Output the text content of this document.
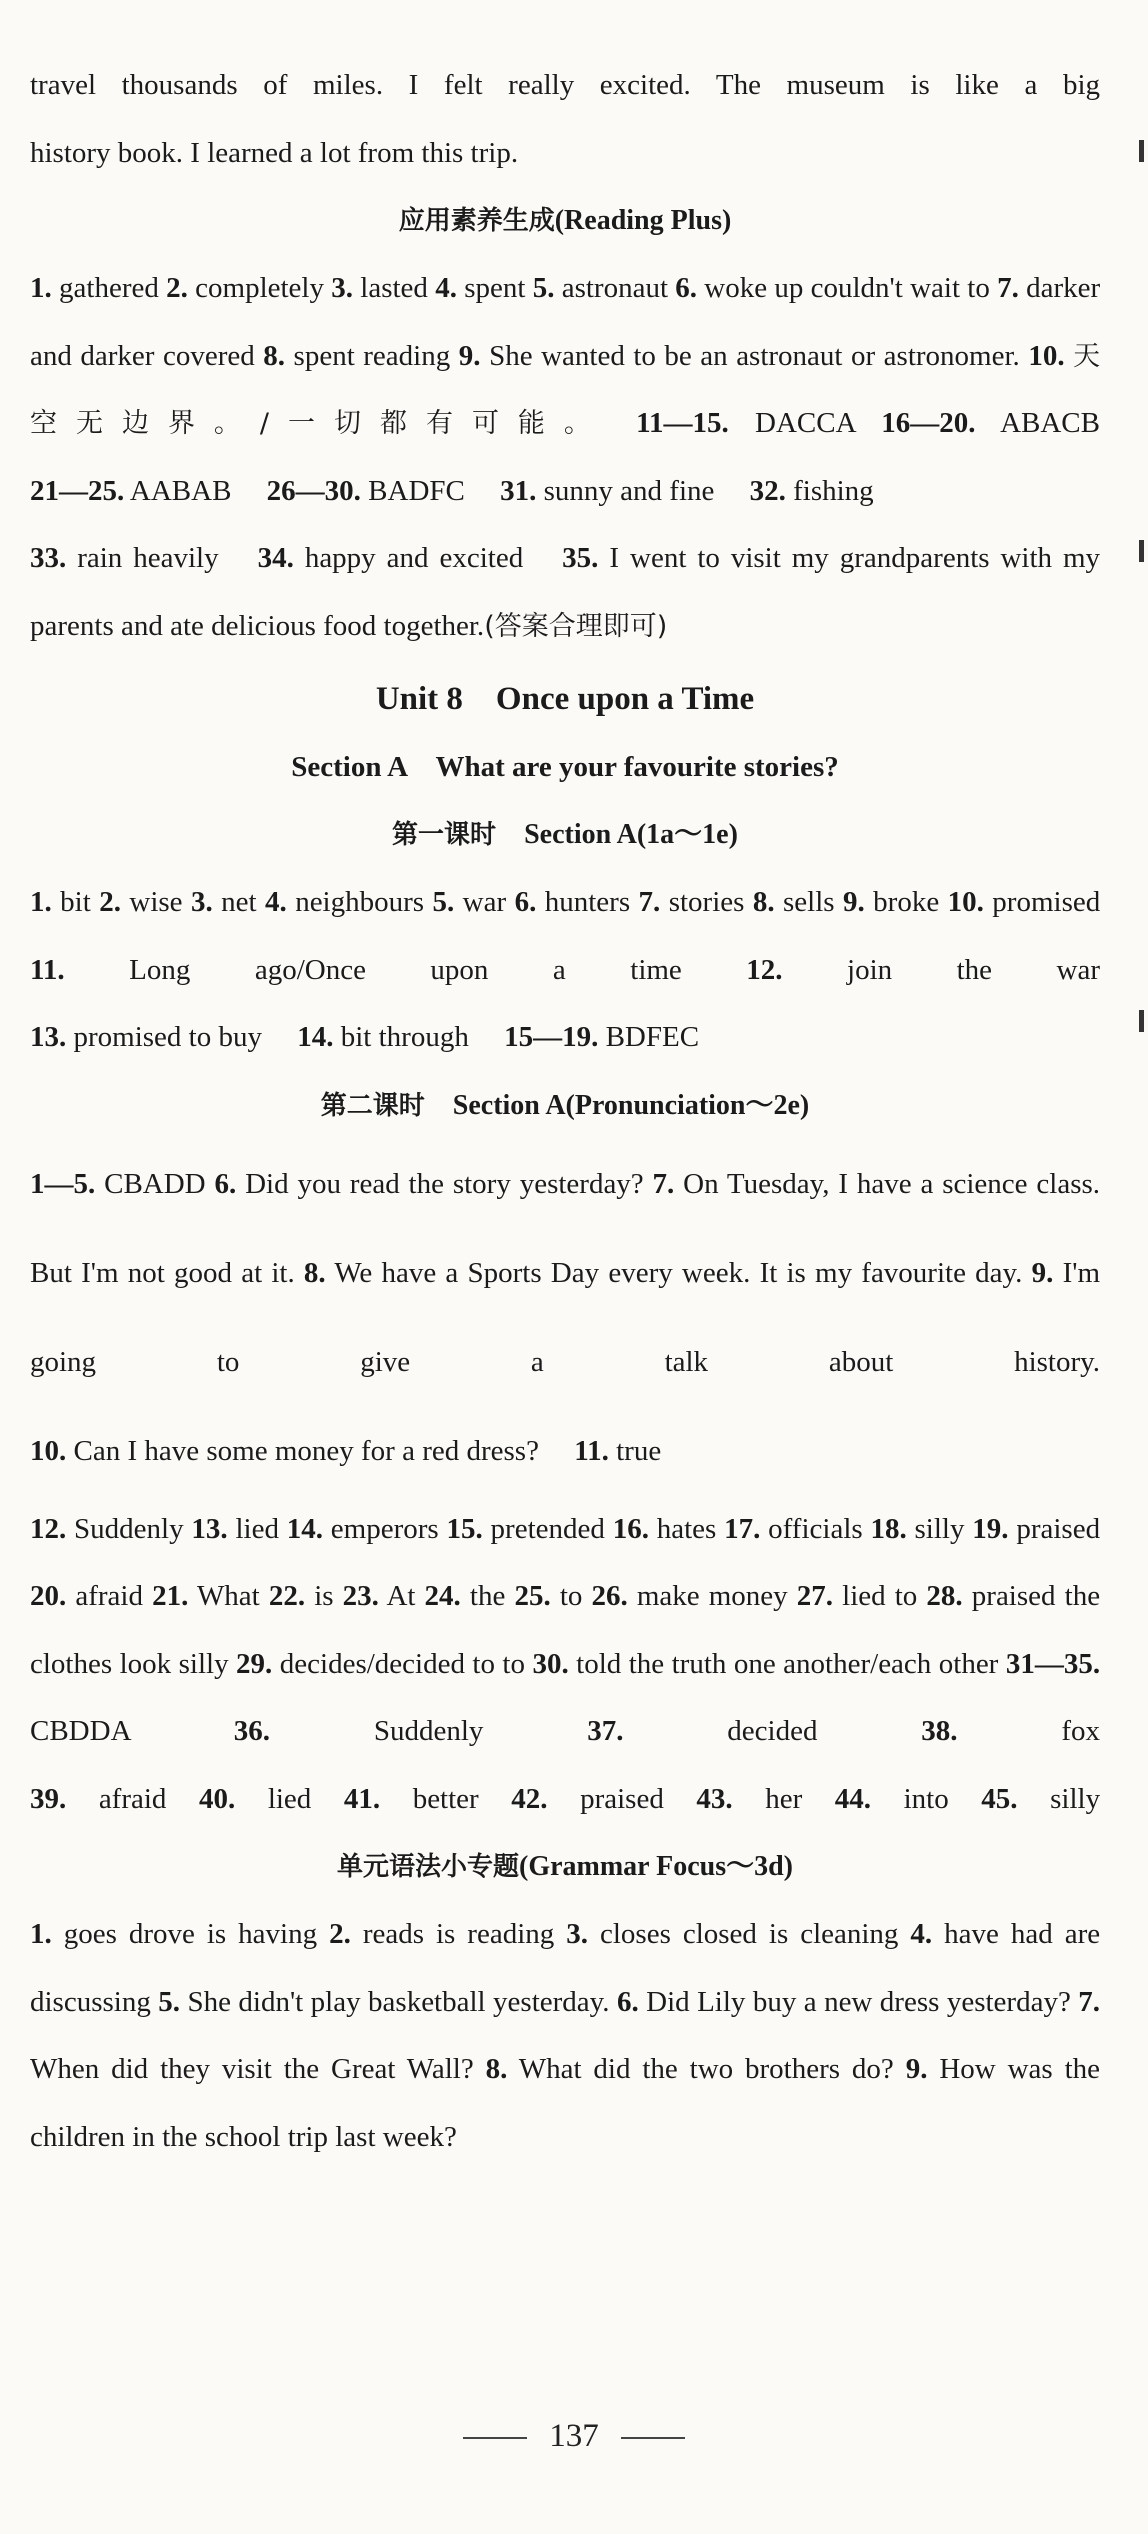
travel thousands of miles. I felt really excited. The museum is like a big

history book. I learned a lot from this trip.

应用素养生成(Reading Plus)

1. gathered 2. completely 3. lasted 4. spent 5. astronaut 6. woke up couldn't wait to 7. darker and darker covered 8. spent reading 9. She wanted to be an astronaut or astronomer. 10. 天空无边界。/一切都有可能。 11—15. DACCA 16—20. ABACB

21—25. AABAB 26—30. BADFC 31. sunny and fine 32. fishing

33. rain heavily 34. happy and excited 35. I went to visit my grandparents with my parents and ate delicious food together.(答案合理即可)

Unit 8　Once upon a Time

Section A　What are your favourite stories?

第一课时　 Section A(1a～1e)

1. bit 2. wise 3. net 4. neighbours 5. war 6. hunters 7. stories 8. sells 9. broke 10. promised 11. Long ago/Once upon a time 12. join the war

13. promised to buy 14. bit through 15—19. BDFEC

第二课时　 Section A(Pronunciation～2e)

1—5. CBADD 6. Did you read the story yesterday? 7. On Tuesday, I have a science class. But I'm not good at it. 8. We have a Sports Day every week. It is my favourite day. 9. I'm going to give a talk about history.

10. Can I have some money for a red dress? 11. true

12. Suddenly 13. lied 14. emperors 15. pretended 16. hates 17. officials 18. silly 19. praised 20. afraid 21. What 22. is 23. At 24. the 25. to 26. make money 27. lied to 28. praised the clothes look silly 29. decides/decided to to 30. told the truth one another/each other 31—35. CBDDA	36.	Suddenly	37.	decided	38.	fox

39. afraid 40. lied 41. better 42. praised 43. her 44. into 45. silly

单元语法小专题(Grammar Focus～3d)

1. goes drove is having 2. reads is reading 3. closes closed is cleaning 4. have had are discussing 5. She didn't play basketball yesterday. 6. Did Lily buy a new dress yesterday? 7. When did they visit the Great Wall? 8. What did the two brothers do? 9. How was the children in the school trip last week?

137
